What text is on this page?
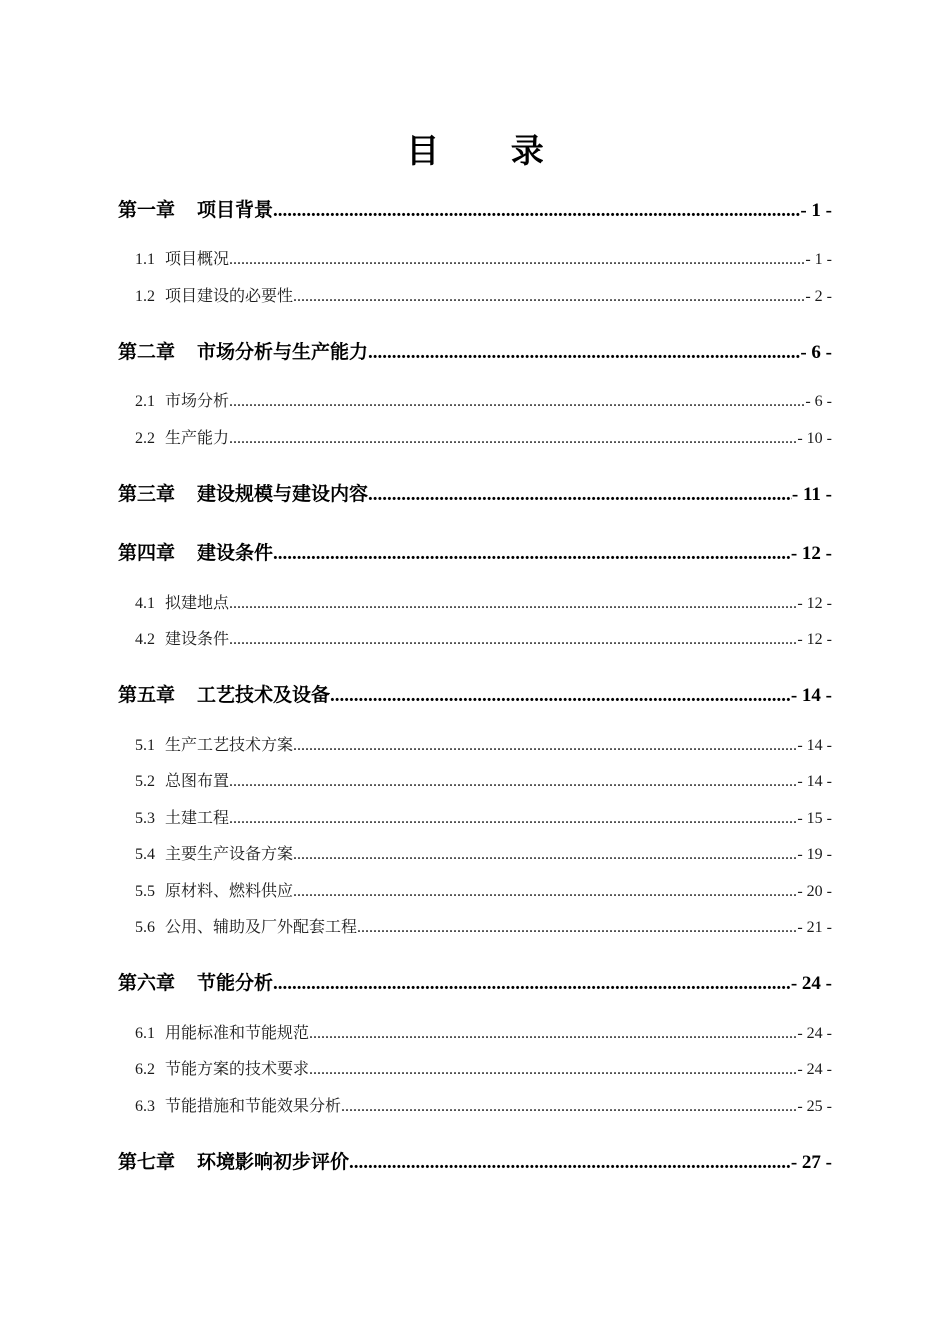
目 录
第一章 项目背景 .....	- 1 -
1.1 项目概况 .....	- 1 -
1.2 项目建设的必要性 .....	- 2 -
第二章 市场分析与生产能力 .....	- 6 -
2.1 市场分析 .....	- 6 -
2.2 生产能力 .....	- 10 -
第三章 建设规模与建设内容 .....	- 11 -
第四章 建设条件 .....	- 12 -
4.1 拟建地点 .....	- 12 -
4.2 建设条件 .....	- 12 -
第五章 工艺技术及设备 .....	- 14 -
5.1 生产工艺技术方案 .....	- 14 -
5.2 总图布置 .....	- 14 -
5.3 土建工程 .....	- 15 -
5.4 主要生产设备方案 .....	- 19 -
5.5 原材料、燃料供应 .....	- 20 -
5.6 公用、辅助及厂外配套工程 .....	- 21 -
第六章 节能分析 .....	- 24 -
6.1 用能标准和节能规范 .....	- 24 -
6.2 节能方案的技术要求 .....	- 24 -
6.3 节能措施和节能效果分析 .....	- 25 -
第七章 环境影响初步评价 .....	- 27 -
